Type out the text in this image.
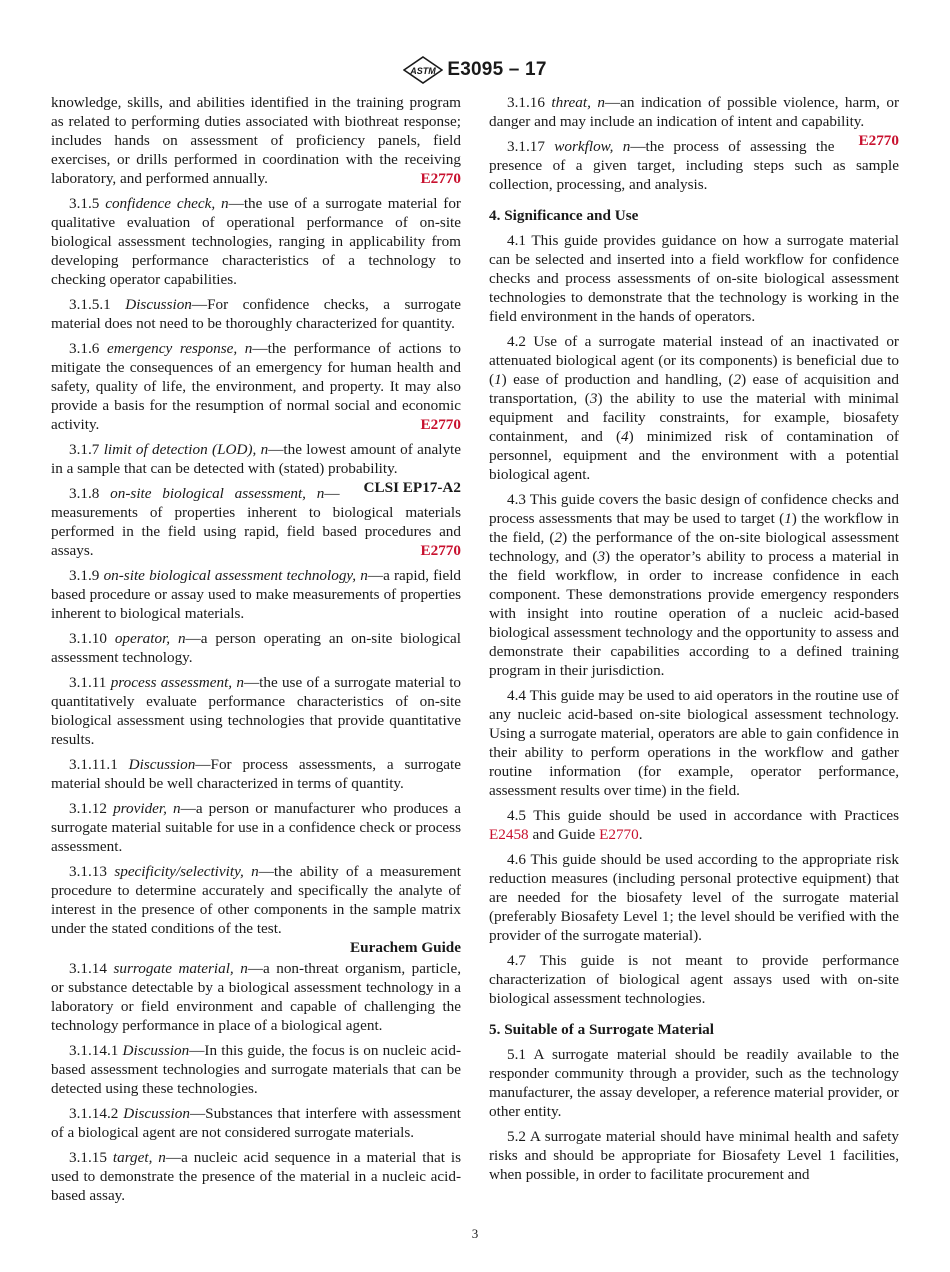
ASTM E3095 – 17

knowledge, skills, and abilities identified in the training program as related to performing duties associated with biothreat response; includes hands on assessment of proficiency panels, field exercises, or drills performed in coordination with the receiving laboratory, and performed annually.	E2770

3.1.5 confidence check, n—the use of a surrogate material for qualitative evaluation of operational performance of on-site biological assessment technologies, ranging in applicability from developing performance characteristics of a technology to checking operator capabilities.

3.1.5.1 Discussion—For confidence checks, a surrogate material does not need to be thoroughly characterized for quantity.

3.1.6 emergency response, n—the performance of actions to mitigate the consequences of an emergency for human health and safety, quality of life, the environment, and property. It may also provide a basis for the resumption of normal social and economic activity.	E2770

3.1.7 limit of detection (LOD), n—the lowest amount of analyte in a sample that can be detected with (stated) probability.
CLSI EP17-A2

3.1.8 on-site biological assessment, n—measurements of properties inherent to biological materials performed in the field using rapid, field based procedures and assays.	E2770

3.1.9 on-site biological assessment technology, n—a rapid, field based procedure or assay used to make measurements of properties inherent to biological materials.

3.1.10 operator, n—a person operating an on-site biological assessment technology.

3.1.11 process assessment, n—the use of a surrogate material to quantitatively evaluate performance characteristics of on-site biological assessment using technologies that provide quantitative results.

3.1.11.1 Discussion—For process assessments, a surrogate material should be well characterized in terms of quantity.

3.1.12 provider, n—a person or manufacturer who produces a surrogate material suitable for use in a confidence check or process assessment.

3.1.13 specificity/selectivity, n—the ability of a measurement procedure to determine accurately and specifically the analyte of interest in the presence of other components in the sample matrix under the stated conditions of the test.

Eurachem Guide

3.1.14 surrogate material, n—a non-threat organism, particle, or substance detectable by a biological assessment technology in a laboratory or field environment and capable of challenging the technology performance in place of a biological agent.

3.1.14.1 Discussion—In this guide, the focus is on nucleic acid-based assessment technologies and surrogate materials that can be detected using these technologies.

3.1.14.2 Discussion—Substances that interfere with assessment of a biological agent are not considered surrogate materials.

3.1.15 target, n—a nucleic acid sequence in a material that is used to demonstrate the presence of the material in a nucleic acid-based assay.

3.1.16 threat, n—an indication of possible violence, harm, or danger and may include an indication of intent and capability.
E2770

3.1.17 workflow, n—the process of assessing the presence of a given target, including steps such as sample collection, processing, and analysis.

4. Significance and Use

4.1 This guide provides guidance on how a surrogate material can be selected and inserted into a field workflow for confidence checks and process assessments of on-site biological assessment technologies to demonstrate that the technology is working in the field environment in the hands of operators.

4.2 Use of a surrogate material instead of an inactivated or attenuated biological agent (or its components) is beneficial due to (1) ease of production and handling, (2) ease of acquisition and transportation, (3) the ability to use the material with minimal equipment and facility constraints, for example, biosafety containment, and (4) minimized risk of contamination of personnel, equipment and the environment with a potential biological agent.

4.3 This guide covers the basic design of confidence checks and process assessments that may be used to target (1) the workflow in the field, (2) the performance of the on-site biological assessment technology, and (3) the operator’s ability to process a material in the field workflow, in order to increase confidence in each component. These demonstrations provide emergency responders with insight into routine operation of a nucleic acid-based biological assessment technology and the opportunity to assess and demonstrate their capabilities according to a defined training program in their jurisdiction.

4.4 This guide may be used to aid operators in the routine use of any nucleic acid-based on-site biological assessment technology. Using a surrogate material, operators are able to gain confidence in their ability to perform operations in the workflow and gather routine information (for example, operator performance, assessment results over time) in the field.

4.5 This guide should be used in accordance with Practices E2458 and Guide E2770.

4.6 This guide should be used according to the appropriate risk reduction measures (including personal protective equipment) that are needed for the biosafety level of the surrogate material (preferably Biosafety Level 1; the level should be verified with the provider of the surrogate material).

4.7 This guide is not meant to provide performance characterization of biological agent assays used with on-site biological assessment technologies.

5. Suitable of a Surrogate Material

5.1 A surrogate material should be readily available to the responder community through a provider, such as the technology manufacturer, the assay developer, a reference material provider, or other entity.

5.2 A surrogate material should have minimal health and safety risks and should be appropriate for Biosafety Level 1 facilities, when possible, in order to facilitate procurement and

3
